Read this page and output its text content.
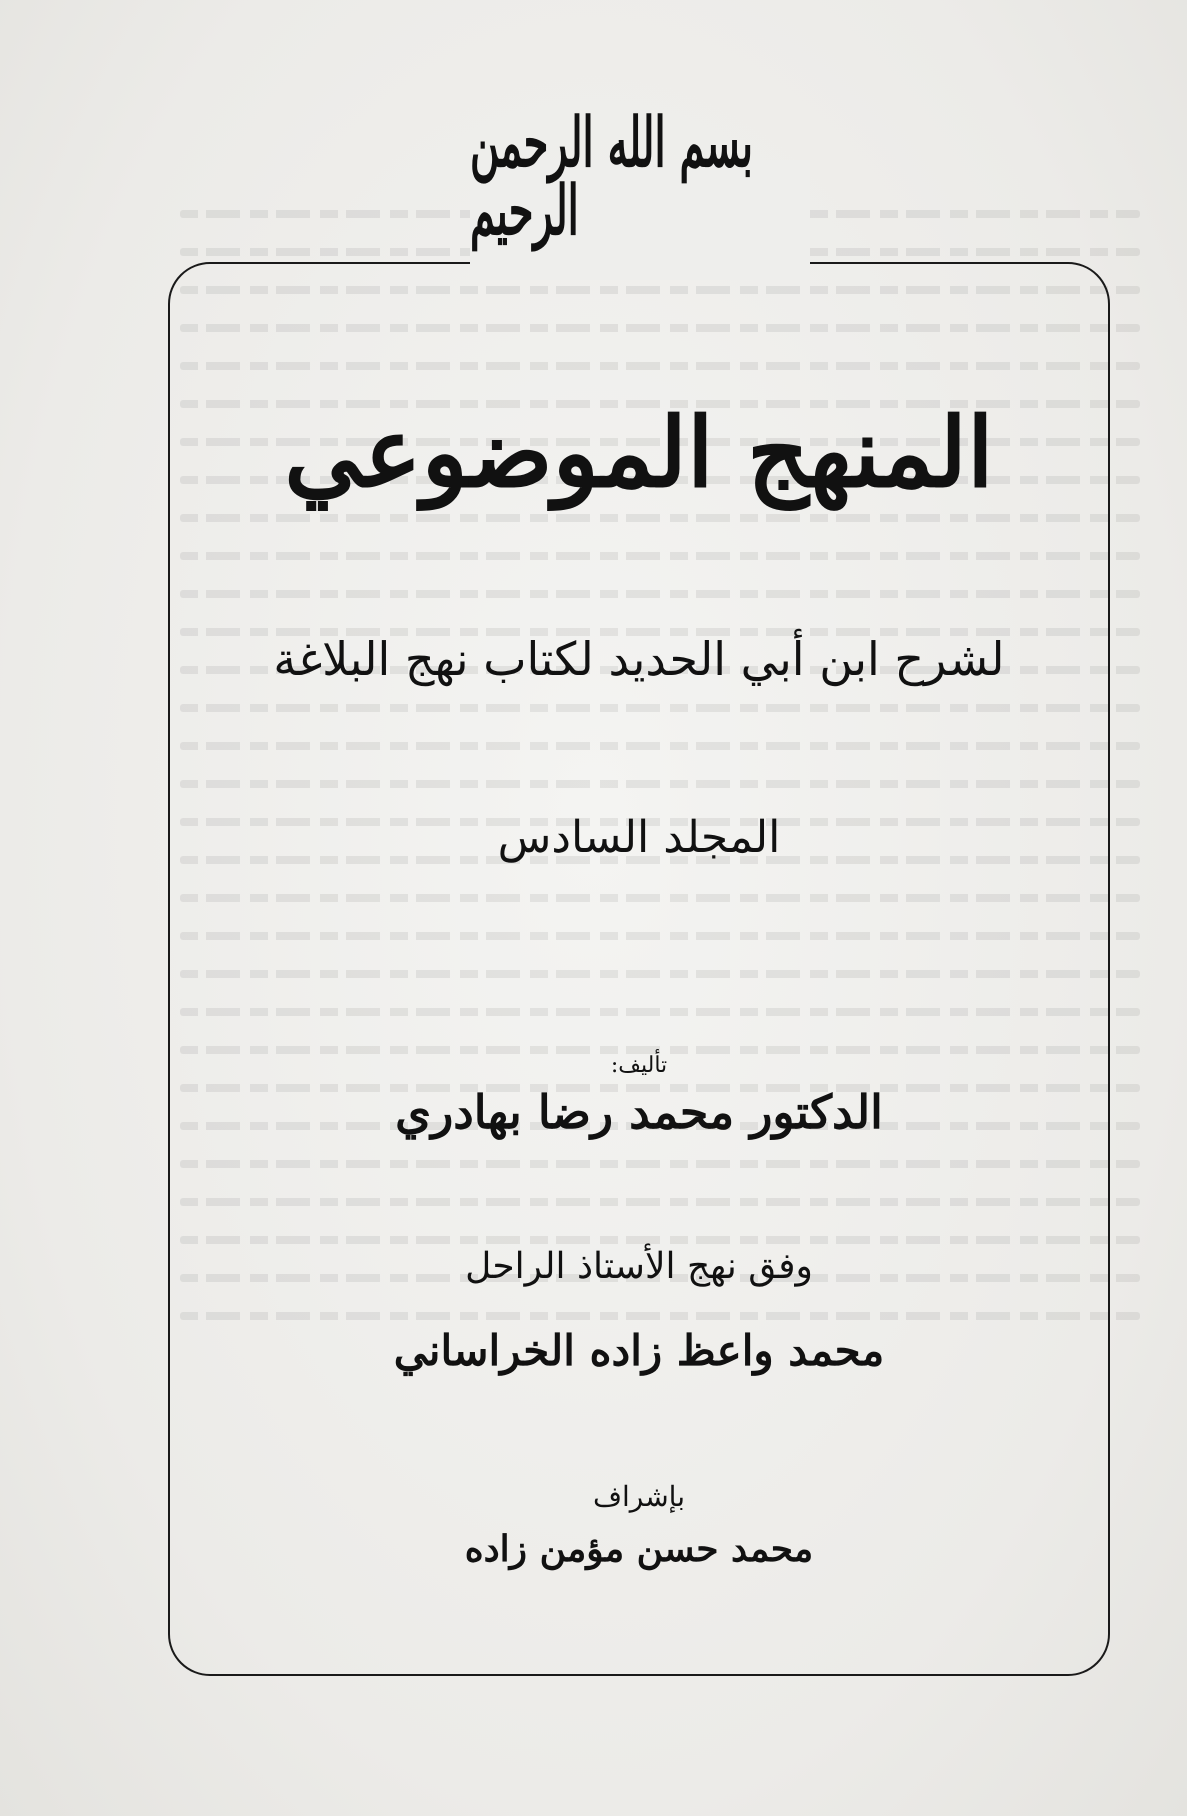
بسم الله الرحمن الرحيم
المنهج الموضوعي
لشرح ابن أبي الحديد لكتاب نهج البلاغة
المجلد السادس
تأليف:
الدكتور محمد رضا بهادري
وفق نهج الأستاذ الراحل
محمد واعظ زاده الخراساني
بإشراف
محمد حسن مؤمن زاده
